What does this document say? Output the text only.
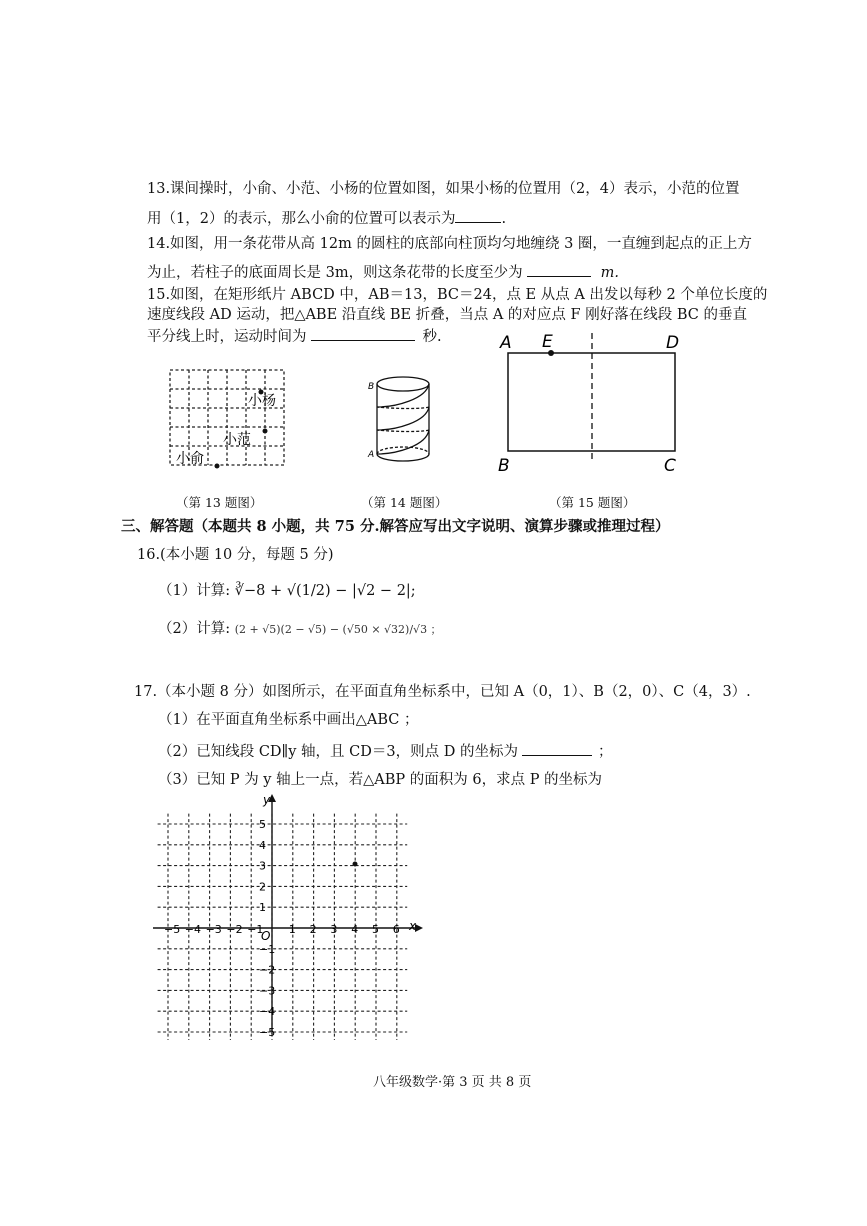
13.课间操时，小俞、小范、小杨的位置如图，如果小杨的位置用（2，4）表示，小范的位置
用（1，2）的表示，那么小俞的位置可以表示为	.
14.如图，用一条花带从高 12m 的圆柱的底部向柱顶均匀地缠绕 3 圈，一直缠到起点的正上方
为止，若柱子的底面周长是 3m，则这条花带的长度至少为	m.
15.如图，在矩形纸片 ABCD 中，AB＝13，BC＝24，点 E 从点 A 出发以每秒 2 个单位长度的
速度线段 AD 运动，把△ABE 沿直线 BE 折叠，当点 A 的对应点 F 刚好落在线段 BC 的垂直
平分线上时，运动时间为	秒.
小杨
小范
小俞
（第 13 题图）
B
A
（第 14 题图）
A E	D
B	C
（第 15 题图）
三、解答题（本题共 8 小题，共 75 分.解答应写出文字说明、演算步骤或推理过程）
16.(本小题 10 分，每题 5 分)
（1）计算: ∛−8 + √(1/2) − |√2 − 2|;
（2）计算: (2 + √5)(2 − √5) − (√50 × √32)/√3 ；
17.（本小题 8 分）如图所示，在平面直角坐标系中，已知 A（0，1）、B（2，0）、C（4，3）.
（1）在平面直角坐标系中画出△ABC ；
（2）已知线段 CD∥y 轴，且 CD＝3，则点 D 的坐标为	；
（3）已知 P 为 y 轴上一点，若△ABP 的面积为 6，求点 P 的坐标为
x
y
O
−5 −4 −3 −2 −1 1 2 3 4 5 6
5
4
3
2
1
−1
−2
−3
−4
−5
八年级数学·第 3 页 共 8 页
